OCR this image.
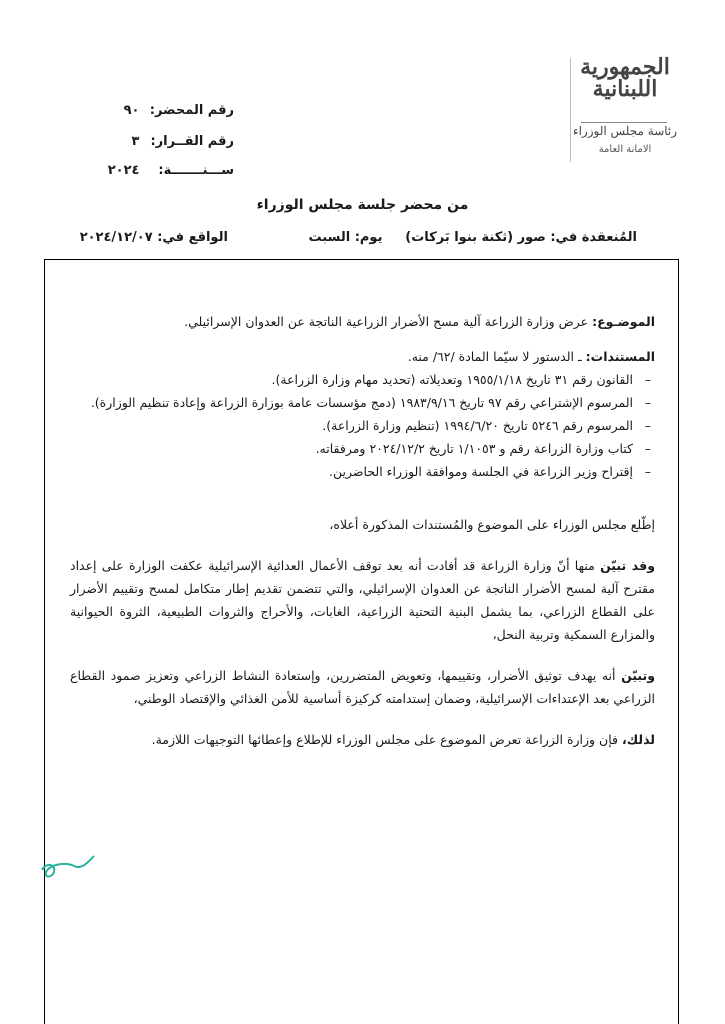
الجمهورية اللبنانية
رئاسة مجلس الوزراء
الامانة العامة
رقم المحضر: ٩٠
رقم القــرار: ٣
ســـنـــــــة: ٢٠٢٤
من محضر جلسة مجلس الوزراء
المُنعقدة في: صور (ثكنة بنوا بَركات) يوم: السبت الواقع في: ٢٠٢٤/١٢/٠٧

الموضـوع: عرض وزارة الزراعة آلية مسح الأضرار الزراعية الناتجة عن العدوان الإسرائيلي.

المستندات: ـ الدستور لا سيّما المادة /٦٢/ منه.

– القانون رقم ٣١ تاريخ ١٩٥٥/١/١٨ وتعديلاته (تحديد مهام وزارة الزراعة).
– المرسوم الإشتراعي رقم ٩٧ تاريخ ١٩٨٣/٩/١٦ (دمج مؤسسات عامة بوزارة الزراعة وإعادة تنظيم الوزارة).
– المرسوم رقم ٥٢٤٦ تاريخ ١٩٩٤/٦/٢٠ (تنظيم وزارة الزراعة).
– كتاب وزارة الزراعة رقم و ١/١٠٥٣ تاريخ ٢٠٢٤/١٢/٢ ومرفقاته.
– إقتراح وزير الزراعة في الجلسة وموافقة الوزراء الحاضرين.

إطّلع مجلس الوزراء على الموضوع والمُستندات المذكورة أعلاه،

وقد تبيّن منها أنّ وزارة الزراعة قد أفادت أنه بعد توقف الأعمال العدائية الإسرائيلية عكفت الوزارة على إعداد مقترح آلية لمسح الأضرار الناتجة عن العدوان الإسرائيلي، والتي تتضمن تقديم إطار متكامل لمسح وتقييم الأضرار على القطاع الزراعي، بما يشمل البنية التحتية الزراعية، الغابات، والأحراج والثروات الطبيعية، الثروة الحيوانية والمزارع السمكية وتربية النحل،

وتبيّن أنه يهدف توثيق الأضرار، وتقييمها، وتعويض المتضررين، وإستعادة النشاط الزراعي وتعزيز صمود القطاع الزراعي بعد الإعتداءات الإسرائيلية، وضمان إستدامته كركيزة أساسية للأمن الغذائي والإقتصاد الوطني،

لذلك، فإن وزارة الزراعة تعرض الموضوع على مجلس الوزراء للإطلاع وإعطائها التوجيهات اللازمة.
